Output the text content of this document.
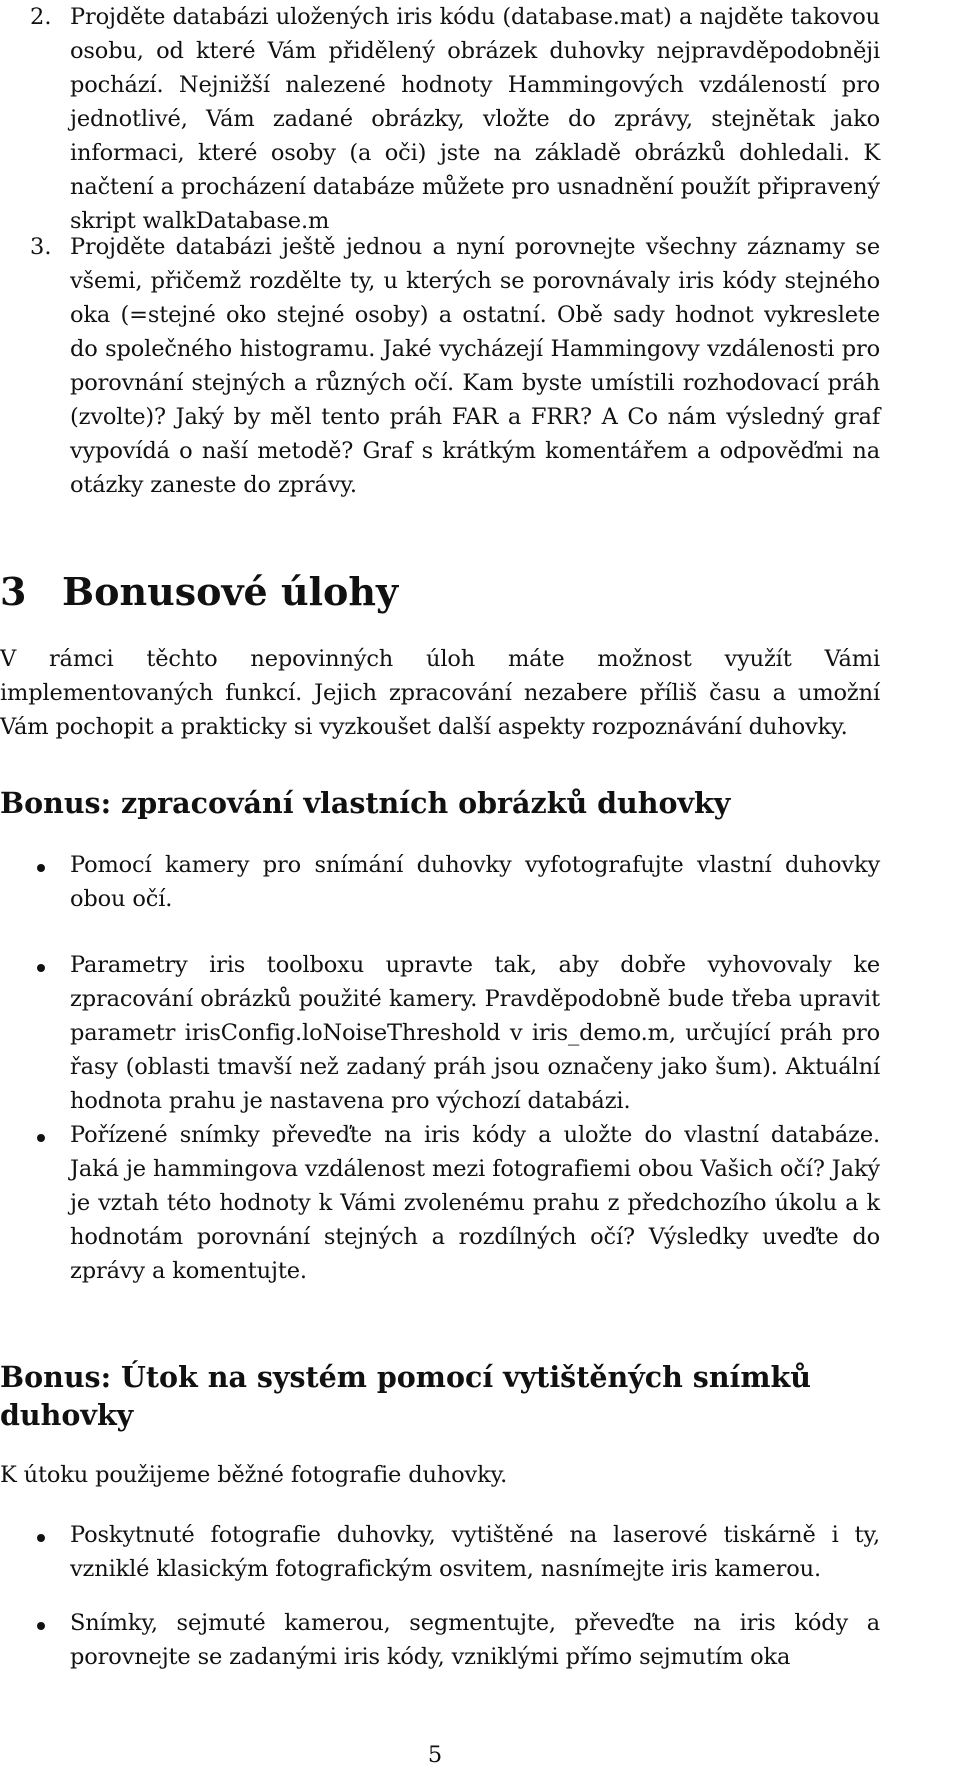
2. Projděte databázi uložených iris kódu (database.mat) a najděte takovou osobu, od které Vám přidělený obrázek duhovky nejpravděpodobněji pochází. Nejnižší nalezené hodnoty Hammingových vzdáleností pro jednotlivé, Vám zadané obrázky, vložte do zprávy, stejnětak jako informaci, které osoby (a oči) jste na základě obrázků dohledali. K načtení a procházení databáze můžete pro usnadnění použít připravený skript walkDatabase.m
3. Projděte databázi ještě jednou a nyní porovnejte všechny záznamy se všemi, přičemž rozdělte ty, u kterých se porovnávaly iris kódy stejného oka (=stejné oko stejné osoby) a ostatní. Obě sady hodnot vykreslete do společného histogramu. Jaké vycházejí Hammingovy vzdálenosti pro porovnání stejných a různých očí. Kam byste umístili rozhodovací práh (zvolte)? Jaký by měl tento práh FAR a FRR? A Co nám výsledný graf vypovídá o naší metodě? Graf s krátkým komentářem a odpověďmi na otázky zaneste do zprávy.
3 Bonusové úlohy
V rámci těchto nepovinných úloh máte možnost využít Vámi implementovaných funkcí. Jejich zpracování nezabere příliš času a umožní Vám pochopit a prakticky si vyzkoušet další aspekty rozpoznávání duhovky.
Bonus: zpracování vlastních obrázků duhovky
Pomocí kamery pro snímání duhovky vyfotografujte vlastní duhovky obou očí.
Parametry iris toolboxu upravte tak, aby dobře vyhovovaly ke zpracování obrázků použité kamery. Pravděpodobně bude třeba upravit parametr irisConfig.loNoiseThreshold v iris_demo.m, určující práh pro řasy (oblasti tmavší než zadaný práh jsou označeny jako šum). Aktuální hodnota prahu je nastavena pro výchozí databázi.
Pořízené snímky převeďte na iris kódy a uložte do vlastní databáze. Jaká je hammingova vzdálenost mezi fotografiemi obou Vašich očí? Jaký je vztah této hodnoty k Vámi zvolenému prahu z předchozího úkolu a k hodnotám porovnání stejných a rozdílných očí? Výsledky uveďte do zprávy a komentujte.
Bonus: Útok na systém pomocí vytištěných snímků duhovky
K útoku použijeme běžné fotografie duhovky.
Poskytnuté fotografie duhovky, vytištěné na laserové tiskárně i ty, vzniklé klasickým fotografickým osvitem, nasnímejte iris kamerou.
Snímky, sejmuté kamerou, segmentujte, převeďte na iris kódy a porovnejte se zadanými iris kódy, vzniklými přímo sejmutím oka
5
